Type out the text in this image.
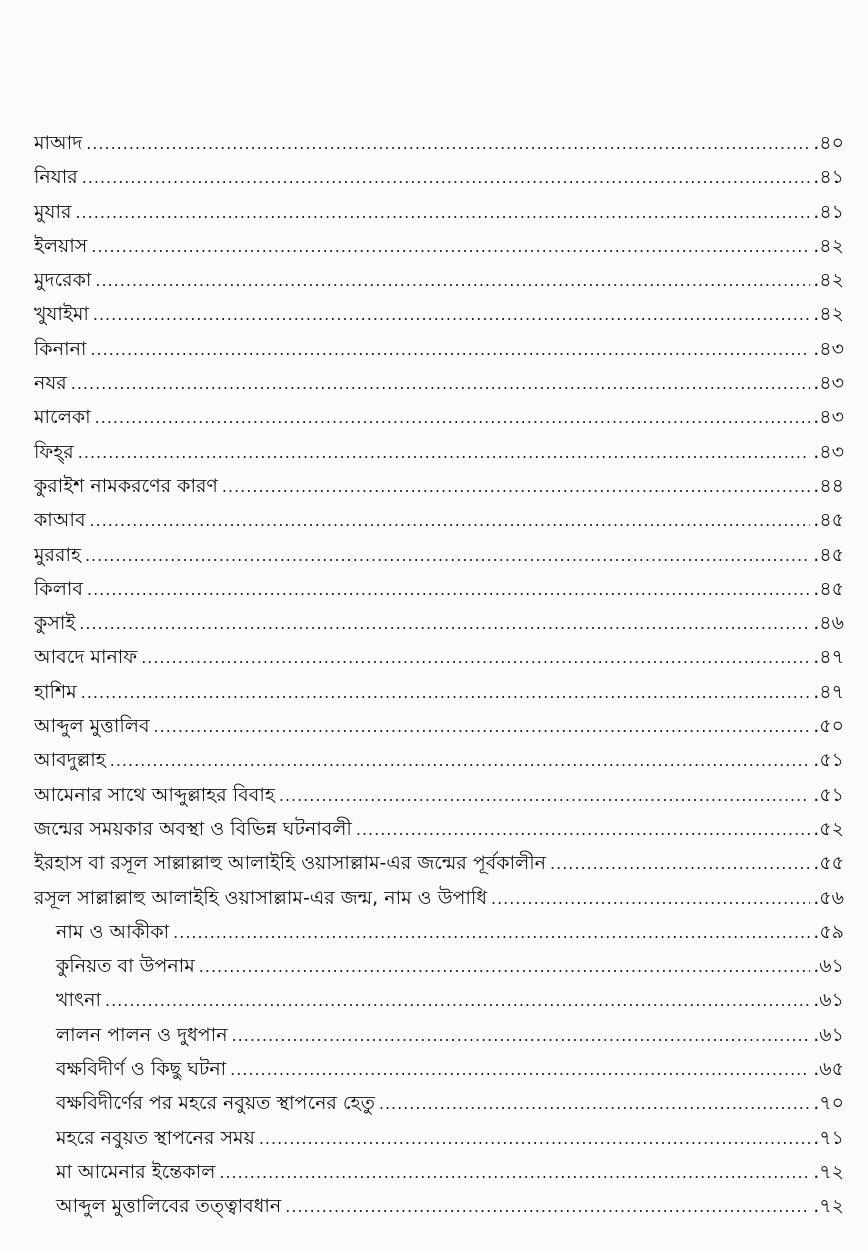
মাআদ .....	.৪০
নিযার .....	.৪১
মুযার .....	.৪১
ইলয়াস .....	.৪২
মুদরেকা .....	.৪২
খুযাইমা .....	.৪২
কিনানা .....	.৪৩
নযর .....	.৪৩
মালেকা .....	.৪৩
ফিহ্‌র .....	.৪৩
কুরাইশ নামকরণের কারণ .....	.৪৪
কাআব .....	.৪৫
মুররাহ .....	.৪৫
কিলাব .....	.৪৫
কুসাই .....	.৪৬
আবদে মানাফ .....	.৪৭
হাশিম .....	.৪৭
আব্দুল মুত্তালিব .....	.৫০
আবদুল্লাহ .....	.৫১
আমেনার সাথে আব্দুল্লাহর বিবাহ .....	.৫১
জন্মের সময়কার অবস্থা ও বিভিন্ন ঘটনাবলী .....	.৫২
ইরহাস বা রসূল সাল্লাল্লাহু আলাইহি ওয়াসাল্লাম-এর জন্মের পূর্বকালীন .....	.৫৫
রসূল সাল্লাল্লাহু আলাইহি ওয়াসাল্লাম-এর জন্ম, নাম ও উপাধি .....	.৫৬
নাম ও আকীকা .....	.৫৯
কুনিয়ত বা উপনাম .....	.৬১
খাৎনা .....	.৬১
লালন পালন ও দুধপান .....	.৬১
বক্ষবিদীর্ণ ও কিছু ঘটনা .....	.৬৫
বক্ষবিদীর্ণের পর মহরে নবুয়ত স্থাপনের হেতু .....	.৭০
মহরে নবুয়ত স্থাপনের সময় .....	.৭১
মা আমেনার ইন্তেকাল .....	.৭২
আব্দুল মুত্তালিবের তত্ত্বাবধান .....	.৭২
